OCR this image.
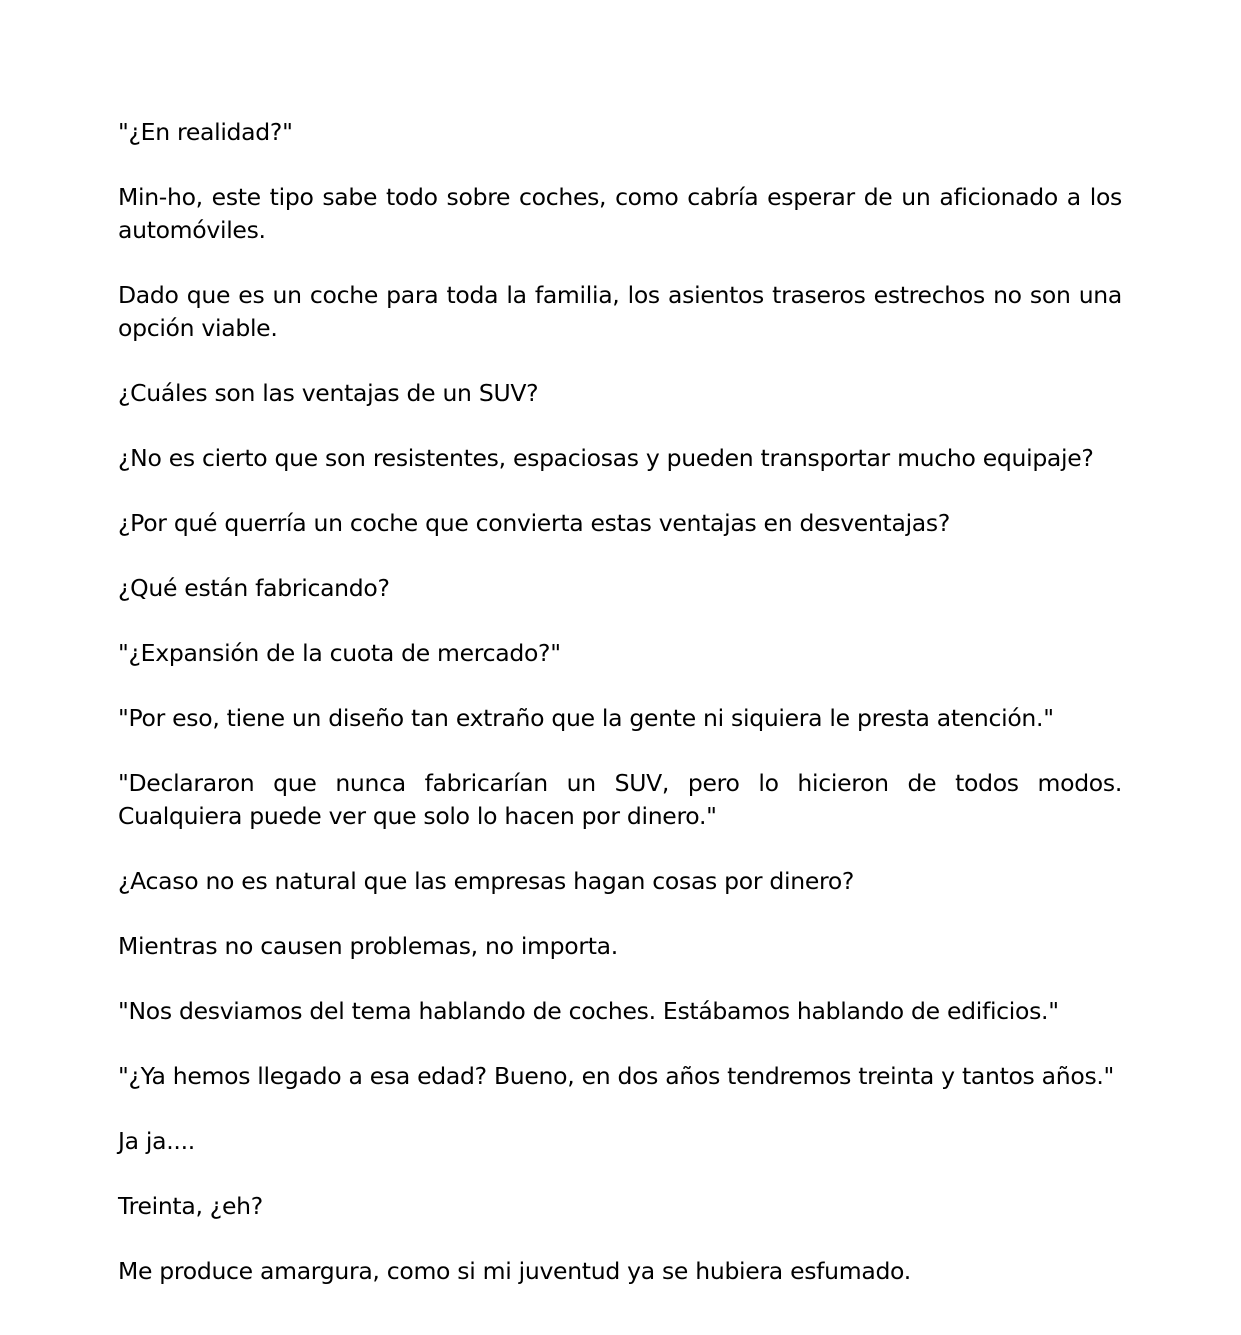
"¿En realidad?"

Min-ho, este tipo sabe todo sobre coches, como cabría esperar de un aficionado a los automóviles.

Dado que es un coche para toda la familia, los asientos traseros estrechos no son una opción viable.

¿Cuáles son las ventajas de un SUV?

¿No es cierto que son resistentes, espaciosas y pueden transportar mucho equipaje?

¿Por qué querría un coche que convierta estas ventajas en desventajas?

¿Qué están fabricando?

"¿Expansión de la cuota de mercado?"

"Por eso, tiene un diseño tan extraño que la gente ni siquiera le presta atención."

"Declararon que nunca fabricarían un SUV, pero lo hicieron de todos modos. Cualquiera puede ver que solo lo hacen por dinero."

¿Acaso no es natural que las empresas hagan cosas por dinero?

Mientras no causen problemas, no importa.

"Nos desviamos del tema hablando de coches. Estábamos hablando de edificios."

"¿Ya hemos llegado a esa edad? Bueno, en dos años tendremos treinta y tantos años."

Ja ja....

Treinta, ¿eh?

Me produce amargura, como si mi juventud ya se hubiera esfumado.
